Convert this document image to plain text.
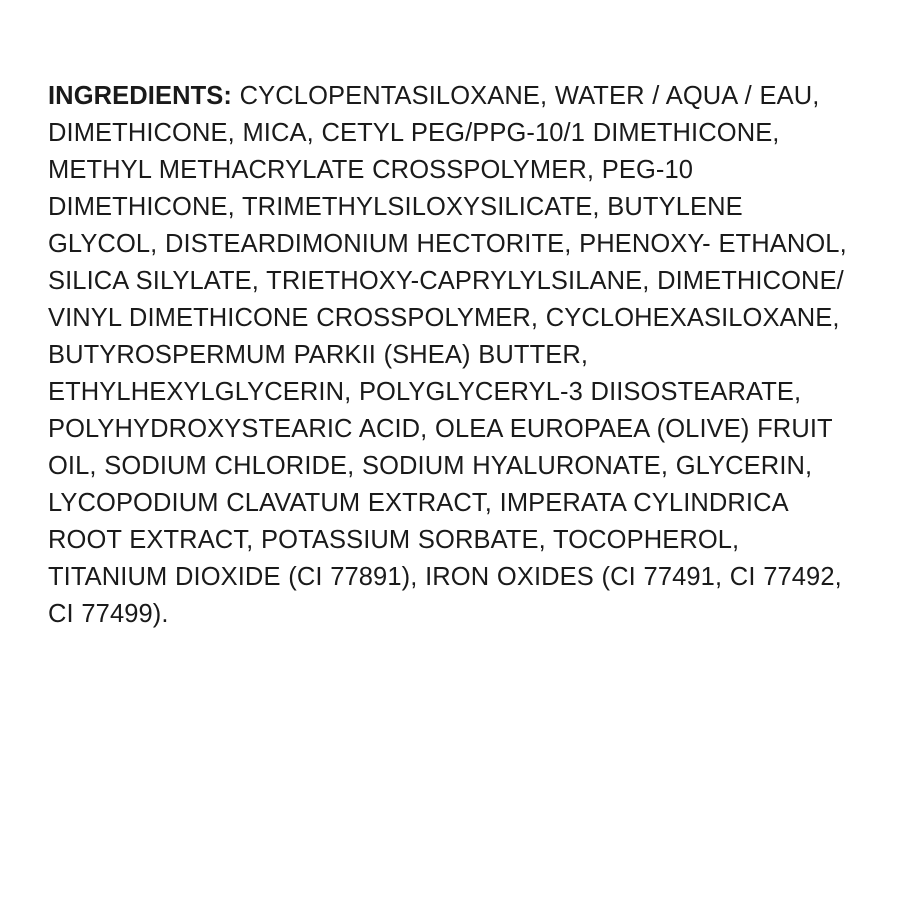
INGREDIENTS: CYCLOPENTASILOXANE, WATER / AQUA / EAU, DIMETHICONE, MICA, CETYL PEG/PPG-10/1 DIMETHICONE, METHYL METHACRYLATE CROSSPOLYMER, PEG-10 DIMETHICONE, TRIMETHYLSILOXYSILICATE, BUTYLENE GLYCOL, DISTEARDIMONIUM HECTORITE, PHENOXY- ETHANOL, SILICA SILYLATE, TRIETHOXY-CAPRYLYLSILANE, DIMETHICONE/ VINYL DIMETHICONE CROSSPOLYMER, CYCLOHEXASILOXANE, BUTYROSPERMUM PARKII (SHEA) BUTTER, ETHYLHEXYLGLYCERIN, POLYGLYCERYL-3 DIISOSTEARATE, POLYHYDROXYSTEARIC ACID, OLEA EUROPAEA (OLIVE) FRUIT OIL, SODIUM CHLORIDE, SODIUM HYALURONATE, GLYCERIN, LYCOPODIUM CLAVATUM EXTRACT, IMPERATA CYLINDRICA ROOT EXTRACT, POTASSIUM SORBATE, TOCOPHEROL, TITANIUM DIOXIDE (CI 77891), IRON OXIDES (CI 77491, CI 77492, CI 77499).
